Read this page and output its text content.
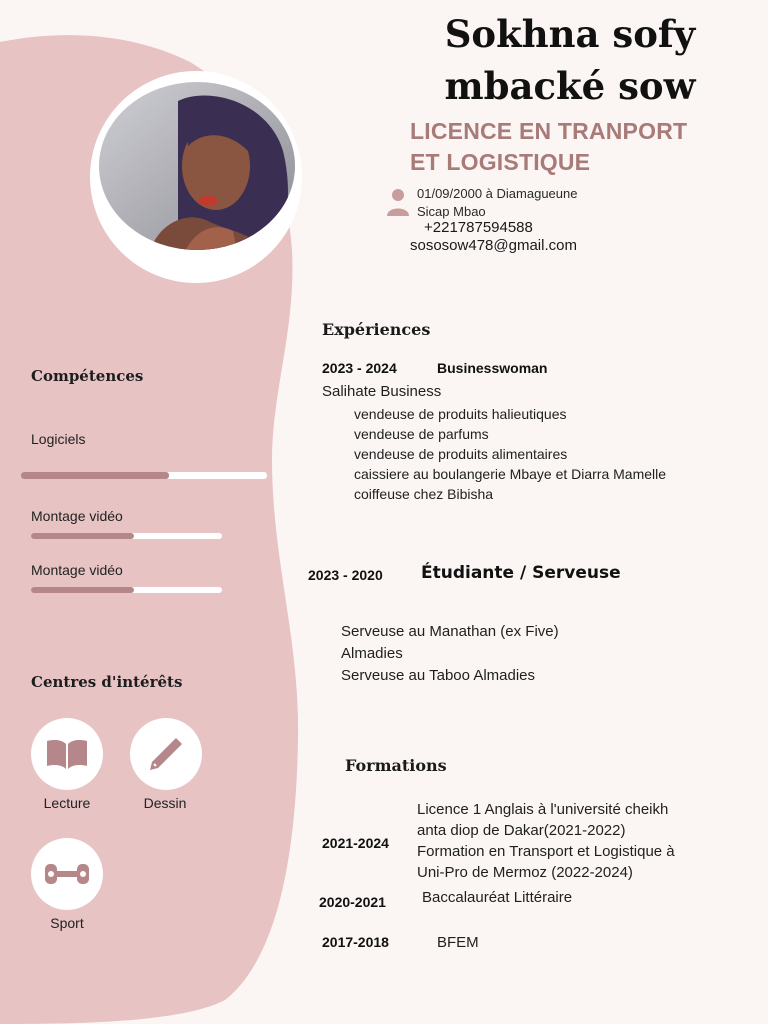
Sokhna sofy
mbacké sow
LICENCE EN TRANPORT
ET LOGISTIQUE
01/09/2000 à Diamagueune
Sicap Mbao
+221787594588
sososow478@gmail.com
Compétences
Logiciels
Montage vidéo
Montage vidéo
Centres d'intérêts
Lecture	Dessin
Sport
Expériences
2023 - 2024	Businesswoman
Salihate Business
vendeuse de produits halieutiques
vendeuse de parfums
vendeuse de produits alimentaires
caissiere au boulangerie Mbaye et Diarra Mamelle
coiffeuse chez Bibisha
2023 - 2020 Étudiante / Serveuse
Serveuse au Manathan (ex Five)
Almadies
Serveuse au Taboo Almadies
Formations
2021-2024
Licence 1 Anglais à l'université cheikh
anta diop de Dakar(2021-2022)
Formation en Transport et Logistique à
Uni-Pro de Mermoz (2022-2024)
2020-2021 Baccalauréat Littéraire
2017-2018	BFEM
